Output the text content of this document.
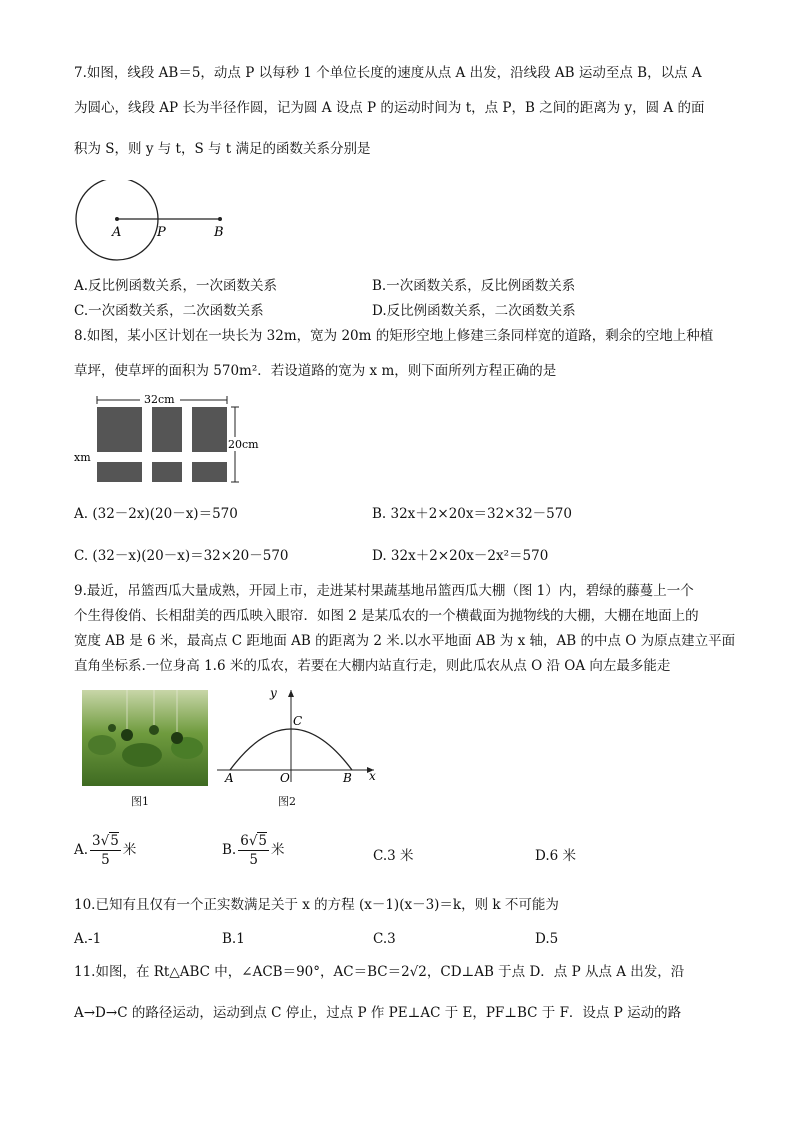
7.如图，线段 AB＝5，动点 P 以每秒 1 个单位长度的速度从点 A 出发，沿线段 AB 运动至点 B，以点 A
为圆心，线段 AP 长为半径作圆，记为圆 A 设点 P 的运动时间为 t，点 P，B 之间的距离为 y，圆 A 的面
积为 S，则 y 与 t，S 与 t 满足的函数关系分别是
A	P	B
A.反比例函数关系，一次函数关系	B.一次函数关系，反比例函数关系
C.一次函数关系，二次函数关系	D.反比例函数关系，二次函数关系
8.如图，某小区计划在一块长为 32m，宽为 20m 的矩形空地上修建三条同样宽的道路，剩余的空地上种植
草坪，使草坪的面积为 570m²．若设道路的宽为 x m，则下面所列方程正确的是
32cm
20cm
xm
A. (32－2x)(20－x)＝570	B. 32x＋2×20x＝32×32－570
C. (32－x)(20－x)＝32×20－570	D. 32x＋2×20x－2x²＝570
9.最近，吊篮西瓜大量成熟，开园上市，走进某村果蔬基地吊篮西瓜大棚（图 1）内，碧绿的藤蔓上一个
个生得俊俏、长相甜美的西瓜映入眼帘．如图 2 是某瓜农的一个横截面为抛物线的大棚，大棚在地面上的
宽度 AB 是 6 米，最高点 C 距地面 AB 的距离为 2 米.以水平地面 AB 为 x 轴，AB 的中点 O 为原点建立平面
直角坐标系.一位身高 1.6 米的瓜农，若要在大棚内站直行走，则此瓜农从点 O 沿 OA 向左最多能走
图1
y
x
C
A	O	B
图2
A. $\frac{3√5}{5}$ 米	B. $\frac{6√5}{5}$ 米	C.3 米	D.6 米
10.已知有且仅有一个正实数满足关于 x 的方程 (x－1)(x－3)＝k，则 k 不可能为
A.-1	B.1	C.3	D.5
11.如图，在 Rt△ABC 中，∠ACB＝90°，AC＝BC＝2√2，CD⊥AB 于点 D．点 P 从点 A 出发，沿
A→D→C 的路径运动，运动到点 C 停止，过点 P 作 PE⊥AC 于 E，PF⊥BC 于 F．设点 P 运动的路
